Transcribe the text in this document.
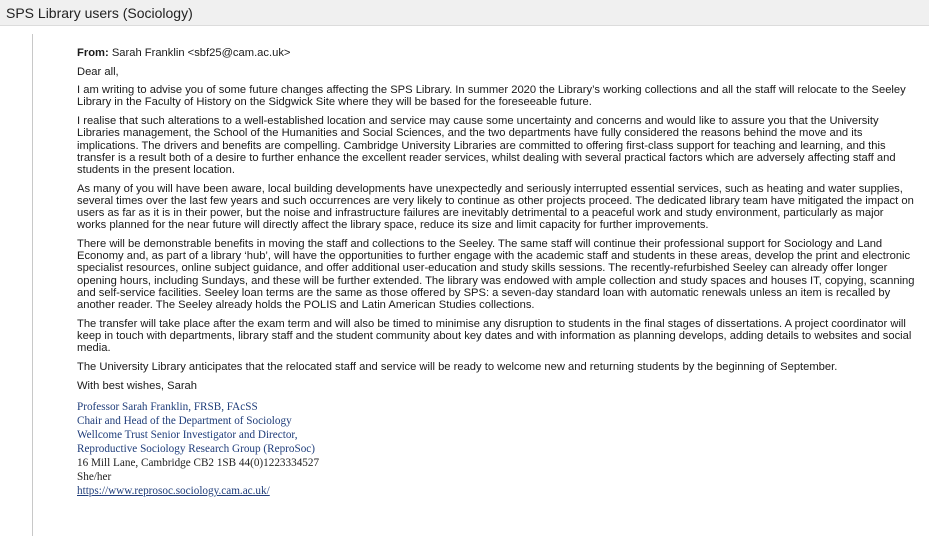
SPS Library users (Sociology)

From: Sarah Franklin <sbf25@cam.ac.uk>

Dear all,

I am writing to advise you of some future changes affecting the SPS Library. In summer 2020 the Library’s working collections and all the staff will relocate to the Seeley Library in the Faculty of History on the Sidgwick Site where they will be based for the foreseeable future.

I realise that such alterations to a well-established location and service may cause some uncertainty and concerns and would like to assure you that the University Libraries management, the School of the Humanities and Social Sciences, and the two departments have fully considered the reasons behind the move and its implications. The drivers and benefits are compelling. Cambridge University Libraries are committed to offering first-class support for teaching and learning, and this transfer is a result both of a desire to further enhance the excellent reader services, whilst dealing with several practical factors which are adversely affecting staff and students in the present location.

As many of you will have been aware, local building developments have unexpectedly and seriously interrupted essential services, such as heating and water supplies, several times over the last few years and such occurrences are very likely to continue as other projects proceed. The dedicated library team have mitigated the impact on users as far as it is in their power, but the noise and infrastructure failures are inevitably detrimental to a peaceful work and study environment, particularly as major works planned for the near future will directly affect the library space, reduce its size and limit capacity for further improvements.

There will be demonstrable benefits in moving the staff and collections to the Seeley. The same staff will continue their professional support for Sociology and Land Economy and, as part of a library ‘hub’, will have the opportunities to further engage with the academic staff and students in these areas, develop the print and electronic specialist resources, online subject guidance, and offer additional user-education and study skills sessions. The recently-refurbished Seeley can already offer longer opening hours, including Sundays, and these will be further extended. The library was endowed with ample collection and study spaces and houses IT, copying, scanning and self-service facilities. Seeley loan terms are the same as those offered by SPS: a seven-day standard loan with automatic renewals unless an item is recalled by another reader. The Seeley already holds the POLIS and Latin American Studies collections.

The transfer will take place after the exam term and will also be timed to minimise any disruption to students in the final stages of dissertations. A project coordinator will keep in touch with departments, library staff and the student community about key dates and with information as planning develops, adding details to websites and social media.

The University Library anticipates that the relocated staff and service will be ready to welcome new and returning students by the beginning of September.

With best wishes, Sarah

Professor Sarah Franklin, FRSB, FAcSS
Chair and Head of the Department of Sociology
Wellcome Trust Senior Investigator and Director,
Reproductive Sociology Research Group (ReproSoc)
16 Mill Lane, Cambridge CB2 1SB 44(0)1223334527
She/her
https://www.reprosoc.sociology.cam.ac.uk/
